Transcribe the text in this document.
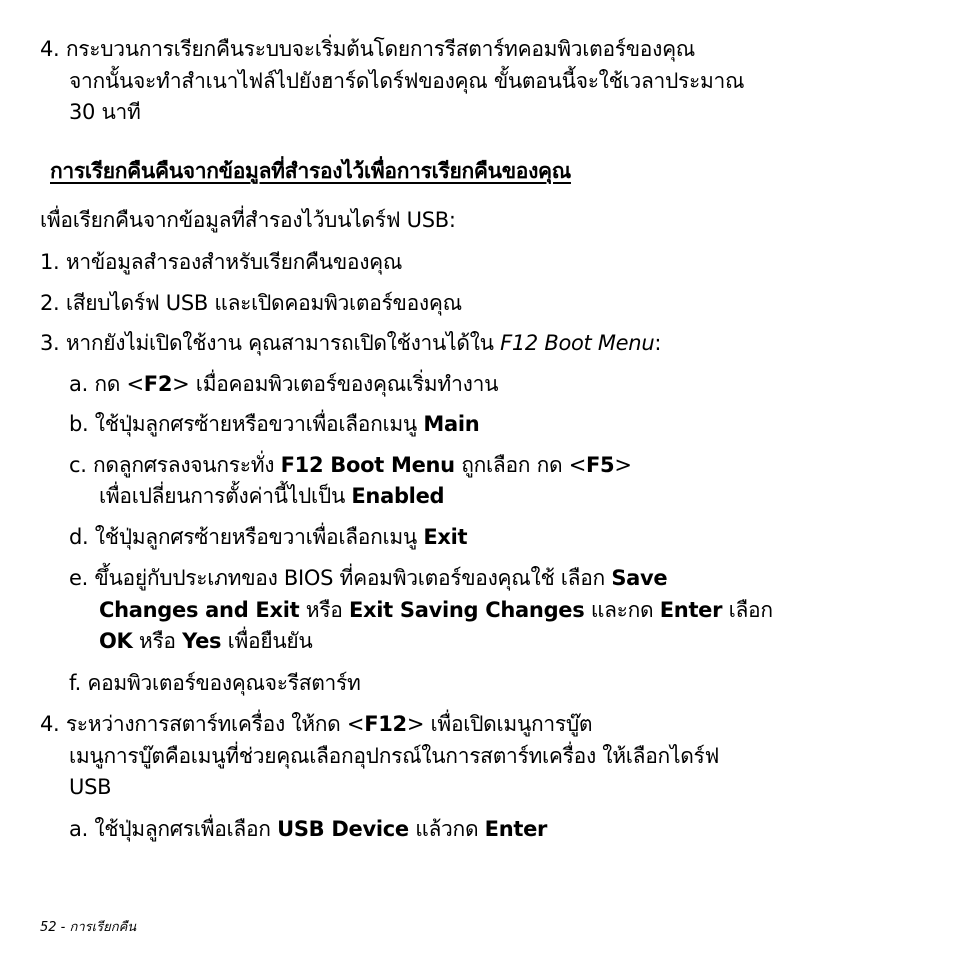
4. กระบวนการเรียกคืนระบบจะเริ่มต้นโดยการรีสตาร์ทคอมพิวเตอร์ของคุณ
จากนั้นจะทำสำเนาไฟล์ไปยังฮาร์ดไดร์ฟของคุณ ขั้นตอนนี้จะใช้เวลาประมาณ
30 นาที
การเรียกคืนคืนจากข้อมูลที่สำรองไว้เพื่อการเรียกคืนของคุณ
เพื่อเรียกคืนจากข้อมูลที่สำรองไว้บนไดร์ฟ USB:
1. หาข้อมูลสำรองสำหรับเรียกคืนของคุณ
2. เสียบไดร์ฟ USB และเปิดคอมพิวเตอร์ของคุณ
3. หากยังไม่เปิดใช้งาน คุณสามารถเปิดใช้งานได้ใน F12 Boot Menu:
a. กด <F2> เมื่อคอมพิวเตอร์ของคุณเริ่มทำงาน
b. ใช้ปุ่มลูกศรซ้ายหรือขวาเพื่อเลือกเมนู Main
c. กดลูกศรลงจนกระทั่ง F12 Boot Menu ถูกเลือก กด <F5>
เพื่อเปลี่ยนการตั้งค่านี้ไปเป็น Enabled
d. ใช้ปุ่มลูกศรซ้ายหรือขวาเพื่อเลือกเมนู Exit
e. ขึ้นอยู่กับประเภทของ BIOS ที่คอมพิวเตอร์ของคุณใช้ เลือก Save
Changes and Exit หรือ Exit Saving Changes และกด Enter เลือก
OK หรือ Yes เพื่อยืนยัน
f. คอมพิวเตอร์ของคุณจะรีสตาร์ท
4. ระหว่างการสตาร์ทเครื่อง ให้กด <F12> เพื่อเปิดเมนูการบู๊ต
เมนูการบู๊ตคือเมนูที่ช่วยคุณเลือกอุปกรณ์ในการสตาร์ทเครื่อง ให้เลือกไดร์ฟ
USB
a. ใช้ปุ่มลูกศรเพื่อเลือก USB Device แล้วกด Enter
52 - การเรียกคืน
